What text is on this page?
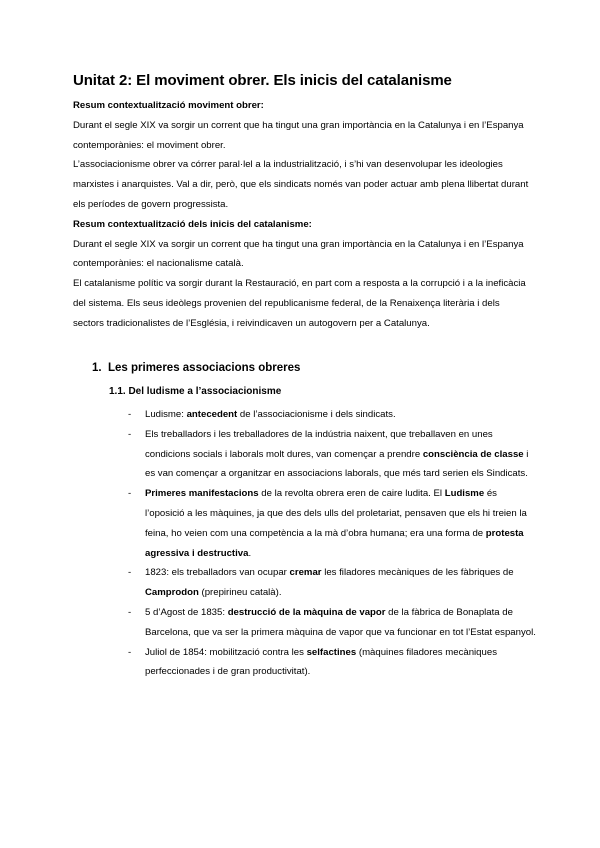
Unitat 2: El moviment obrer. Els inicis del catalanisme

Resum contextualització moviment obrer:

Durant el segle XIX va sorgir un corrent que ha tingut una gran importància en la Catalunya i en l’Espanya contemporànies: el moviment obrer.

L’associacionisme obrer va córrer paral·lel a la industrialització, i s’hi van desenvolupar les ideologies marxistes i anarquistes. Val a dir, però, que els sindicats només van poder actuar amb plena llibertat durant els períodes de govern progressista.

Resum contextualització dels inicis del catalanisme:

Durant el segle XIX va sorgir un corrent que ha tingut una gran importància en la Catalunya i en l’Espanya contemporànies: el nacionalisme català.

El catalanisme polític va sorgir durant la Restauració, en part com a resposta a la corrupció i a la ineficàcia del sistema. Els seus ideòlegs provenien del republicanisme federal, de la Renaixença literària i dels sectors tradicionalistes de l’Església, i reivindicaven un autogovern per a Catalunya.

1. Les primeres associacions obreres
1.1. Del ludisme a l’associacionisme
- Ludisme: antecedent de l’associacionisme i dels sindicats.
- Els treballadors i les treballadores de la indústria naixent, que treballaven en unes condicions socials i laborals molt dures, van començar a prendre consciència de classe i es van començar a organitzar en associacions laborals, que més tard serien els Sindicats.
- Primeres manifestacions de la revolta obrera eren de caire ludita. El Ludisme és l’oposició a les màquines, ja que des dels ulls del proletariat, pensaven que els hi treien la feina, ho veien com una competència a la mà d’obra humana; era una forma de protesta agressiva i destructiva.
- 1823: els treballadors van ocupar cremar les filadores mecàniques de les fàbriques de Camprodon (prepirineu català).
- 5 d’Agost de 1835: destrucció de la màquina de vapor de la fàbrica de Bonaplata de Barcelona, que va ser la primera màquina de vapor que va funcionar en tot l’Estat espanyol.
- Juliol de 1854: mobilització contra les selfactines (màquines filadores mecàniques perfeccionades i de gran productivitat).
